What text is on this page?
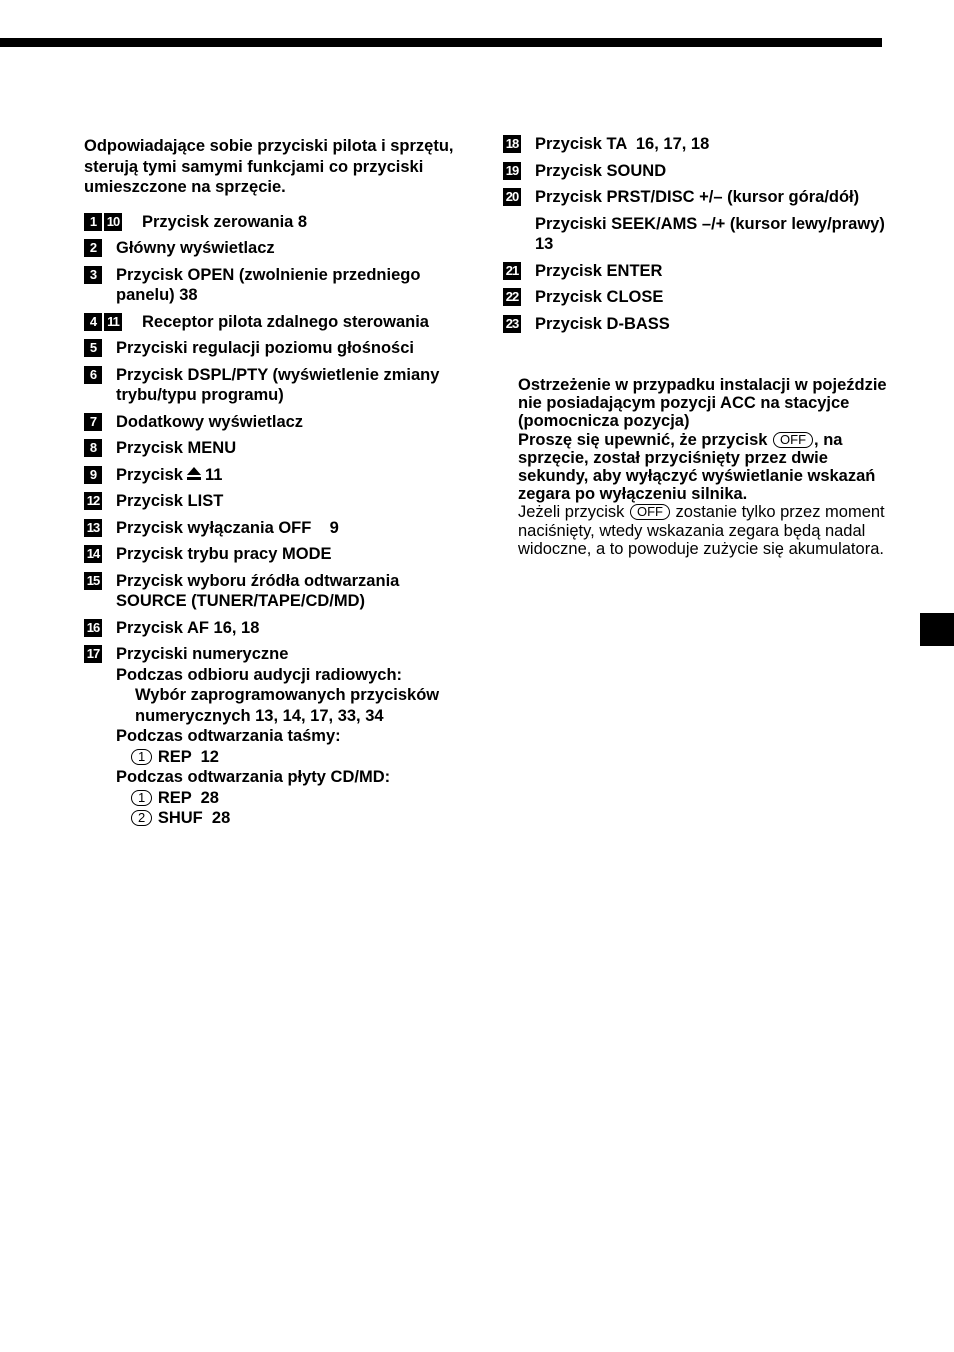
Odpowiadające sobie przyciski pilota i sprzętu, sterują tymi samymi funkcjami co przyciski umieszczone na sprzęcie.

1 10 Przycisk zerowania 8
2	Główny wyświetlacz
3	Przycisk OPEN (zwolnienie przedniego panelu) 38
4 11 Receptor pilota zdalnego sterowania
5	Przyciski regulacji poziomu głośności
6	Przycisk DSPL/PTY (wyświetlenie zmiany trybu/typu programu)
7	Dodatkowy wyświetlacz
8	Przycisk MENU
9	Przycisk 11
12 Przycisk LIST
13 Przycisk wyłączania OFF    9
14 Przycisk trybu pracy MODE
15 Przycisk wyboru źródła odtwarzania SOURCE (TUNER/TAPE/CD/MD)
16 Przycisk AF 16, 18
17 Przyciski numeryczne

Podczas odbioru audycji radiowych:

Wybór zaprogramowanych przycisków numerycznych 13, 14, 17, 33, 34

Podczas odtwarzania taśmy:

1 REP  12

Podczas odtwarzania płyty CD/MD:

1 REP  28

2 SHUF  28

18 Przycisk TA  16, 17, 18
19 Przycisk SOUND
20 Przycisk PRST/DISC +/– (kursor góra/dół)

Przyciski SEEK/AMS –/+ (kursor lewy/prawy) 13

21 Przycisk ENTER
22 Przycisk CLOSE
23 Przycisk D-BASS
Ostrzeżenie w przypadku instalacji w pojeździe nie posiadającym pozycji ACC na stacyjce (pomocnicza pozycja)
Proszę się upewnić, że przycisk OFF , na sprzęcie, został przyciśnięty przez dwie sekundy, aby wyłączyć wyświetlanie wskazań zegara po wyłączeniu silnika.
Jeżeli przycisk OFF zostanie tylko przez moment naciśnięty, wtedy wskazania zegara będą nadal widoczne, a to powoduje zużycie się akumulatora.
